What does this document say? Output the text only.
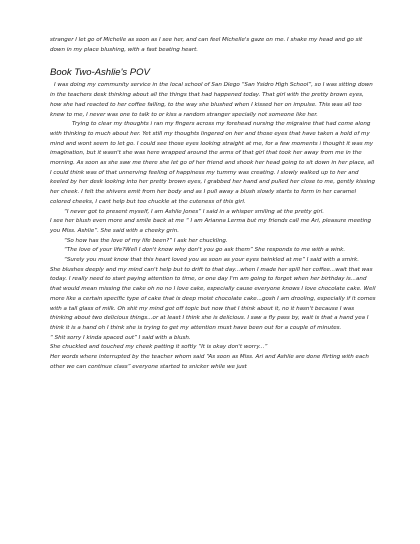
stranger I let go of Michelle as soon as I see her, and can feel Michelle's gaze on me. I shake my head and go sit down in my place blushing, with a fast beating heart.

Book Two-Ashlie's POV

I was doing my community service in the local school of San Diego “San Ysidro High School”, so I was sitting down in the teachers desk thinking about all the things that had happened today. That girl with the pretty brown eyes, how she had reacted to her coffee falling, to the way she blushed when I kissed her on impulse. This was all too knew to me, I never was one to talk to or kiss a random stranger specially not someone like her.

Trying to clear my thoughts i ran my fingers across my forehead nursing the migraine that had come along with thinking to much about her. Yet still my thoughts lingered on her and those eyes that have taken a hold of my mind and wont seem to let go. I could see those eyes looking straight at me, for a few moments i thought it was my imagination, but it wasn't she was here wrapped around the arms of that girl that took her away from me in the morning. As soon as she saw me there she let go of her friend and shook her head going to sit down in her place, all I could think was of that unnerving feeling of happiness my tummy was creating. I slowly walked up to her and keeled by her desk looking into her pretty brown eyes, I grabbed her hand and pulled her close to me, gently kissing her cheek. I felt the shivers emit from her body and as I pull away a blush slowly starts to form in her caramel colored cheeks, I cant help but too chuckle at the cuteness of this girl.

“I never got to present myself, I am Ashlie Jones” I said in a whisper smiling at the pretty girl.

I see her blush even more and smile back at me “ I am Arianna Lerma but my friends call me Ari, pleasure meeting you Miss. Ashlie”. She said with a cheeky grin.

“So how has the love of my life been?” I ask her chuckling.

“The love of your life?Well I don't know why don't you go ask them” She responds to me with a wink.

“Surely you must know that this heart loved you as soon as your eyes twinkled at me” I said with a smirk.

She blushes deeply and my mind can't help but to drift to that day...when I made her spill her coffee...wait that was today. I really need to start paying attention to time, or one day I'm am going to forget when her birthday is...and that would mean missing the cake oh no no I love cake, especially cause everyone knows I love chocolate cake. Well more like a certain specific type of cake that is deep moist chocolate cake...gosh I am drooling, especially if it comes with a tall glass of milk. Oh shit my mind got off topic but now that I think about it, no it hasn't because I was thinking about two delicious things...or at least I think she is delicious. I saw a fly pass by, wait is that a hand yea I think it is a hand oh I think she is trying to get my attention must have been out for a couple of minutes.

“ Shit sorry I kinda spaced out” I said with a blush.

She chuckled and touched my cheek patting it softly “It is okay don't worry...”

Her words where interrupted by the teacher whom said “As soon as Miss. Ari and Ashlie are done flirting with each other we can continue class” everyone started to snicker while we just
